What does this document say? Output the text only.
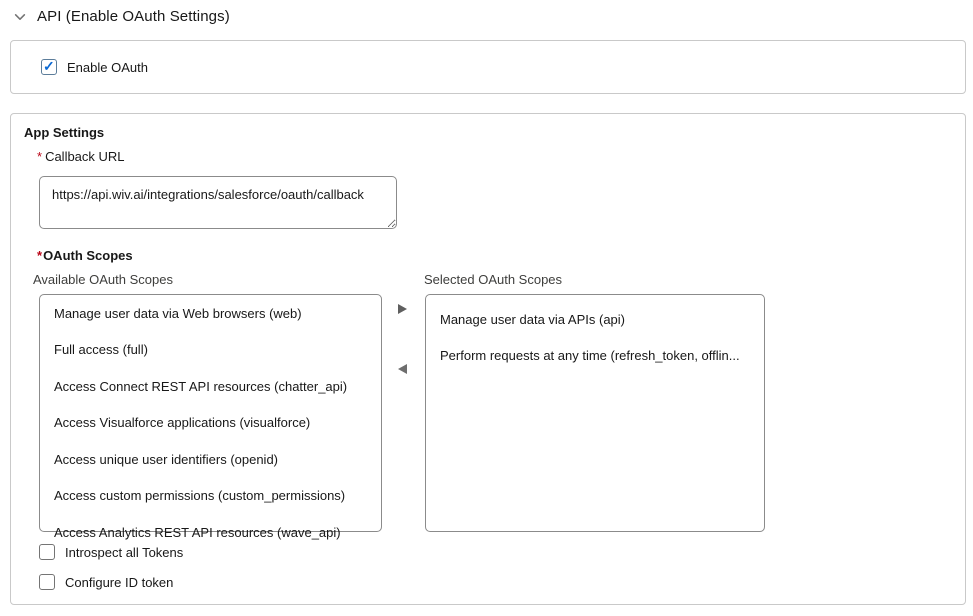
API (Enable OAuth Settings)
✓
Enable OAuth
App Settings
* Callback URL
https://api.wiv.ai/integrations/salesforce/oauth/callback
* OAuth Scopes
Available OAuth Scopes	Selected OAuth Scopes
Manage user data via Web browsers (web)
Full access (full)
Access Connect REST API resources (chatter_api)
Access Visualforce applications (visualforce)
Access unique user identifiers (openid)
Access custom permissions (custom_permissions)
Access Analytics REST API resources (wave_api)
Manage user data via APIs (api)
Perform requests at any time (refresh_token, offlin...
Introspect all Tokens
Configure ID token
